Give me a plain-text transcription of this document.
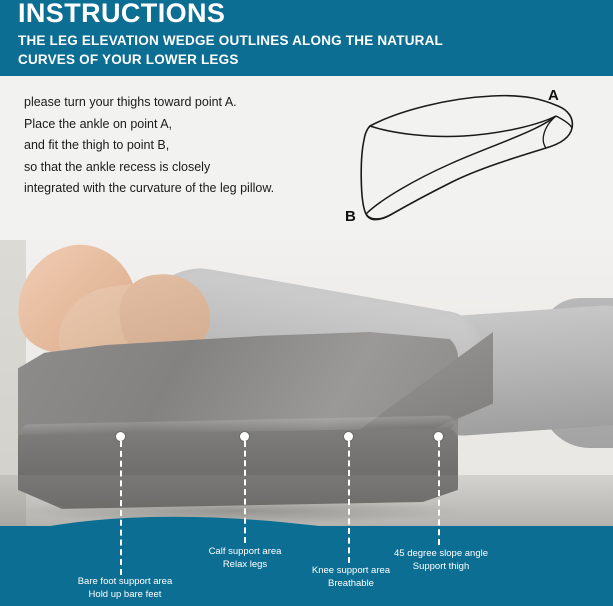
INSTRUCTIONS
THE LEG ELEVATION WEDGE OUTLINES ALONG THE NATURAL
CURVES OF YOUR LOWER LEGS
please turn your thighs toward point A.
Place the ankle on point A,
and fit the thigh to point B,
so that the ankle recess is closely
integrated with the curvature of the leg pillow.
A
B
Bare foot support area
Hold up bare feet
Calf support area
Relax legs
Knee support area
Breathable
45 degree slope angle
Support thigh
